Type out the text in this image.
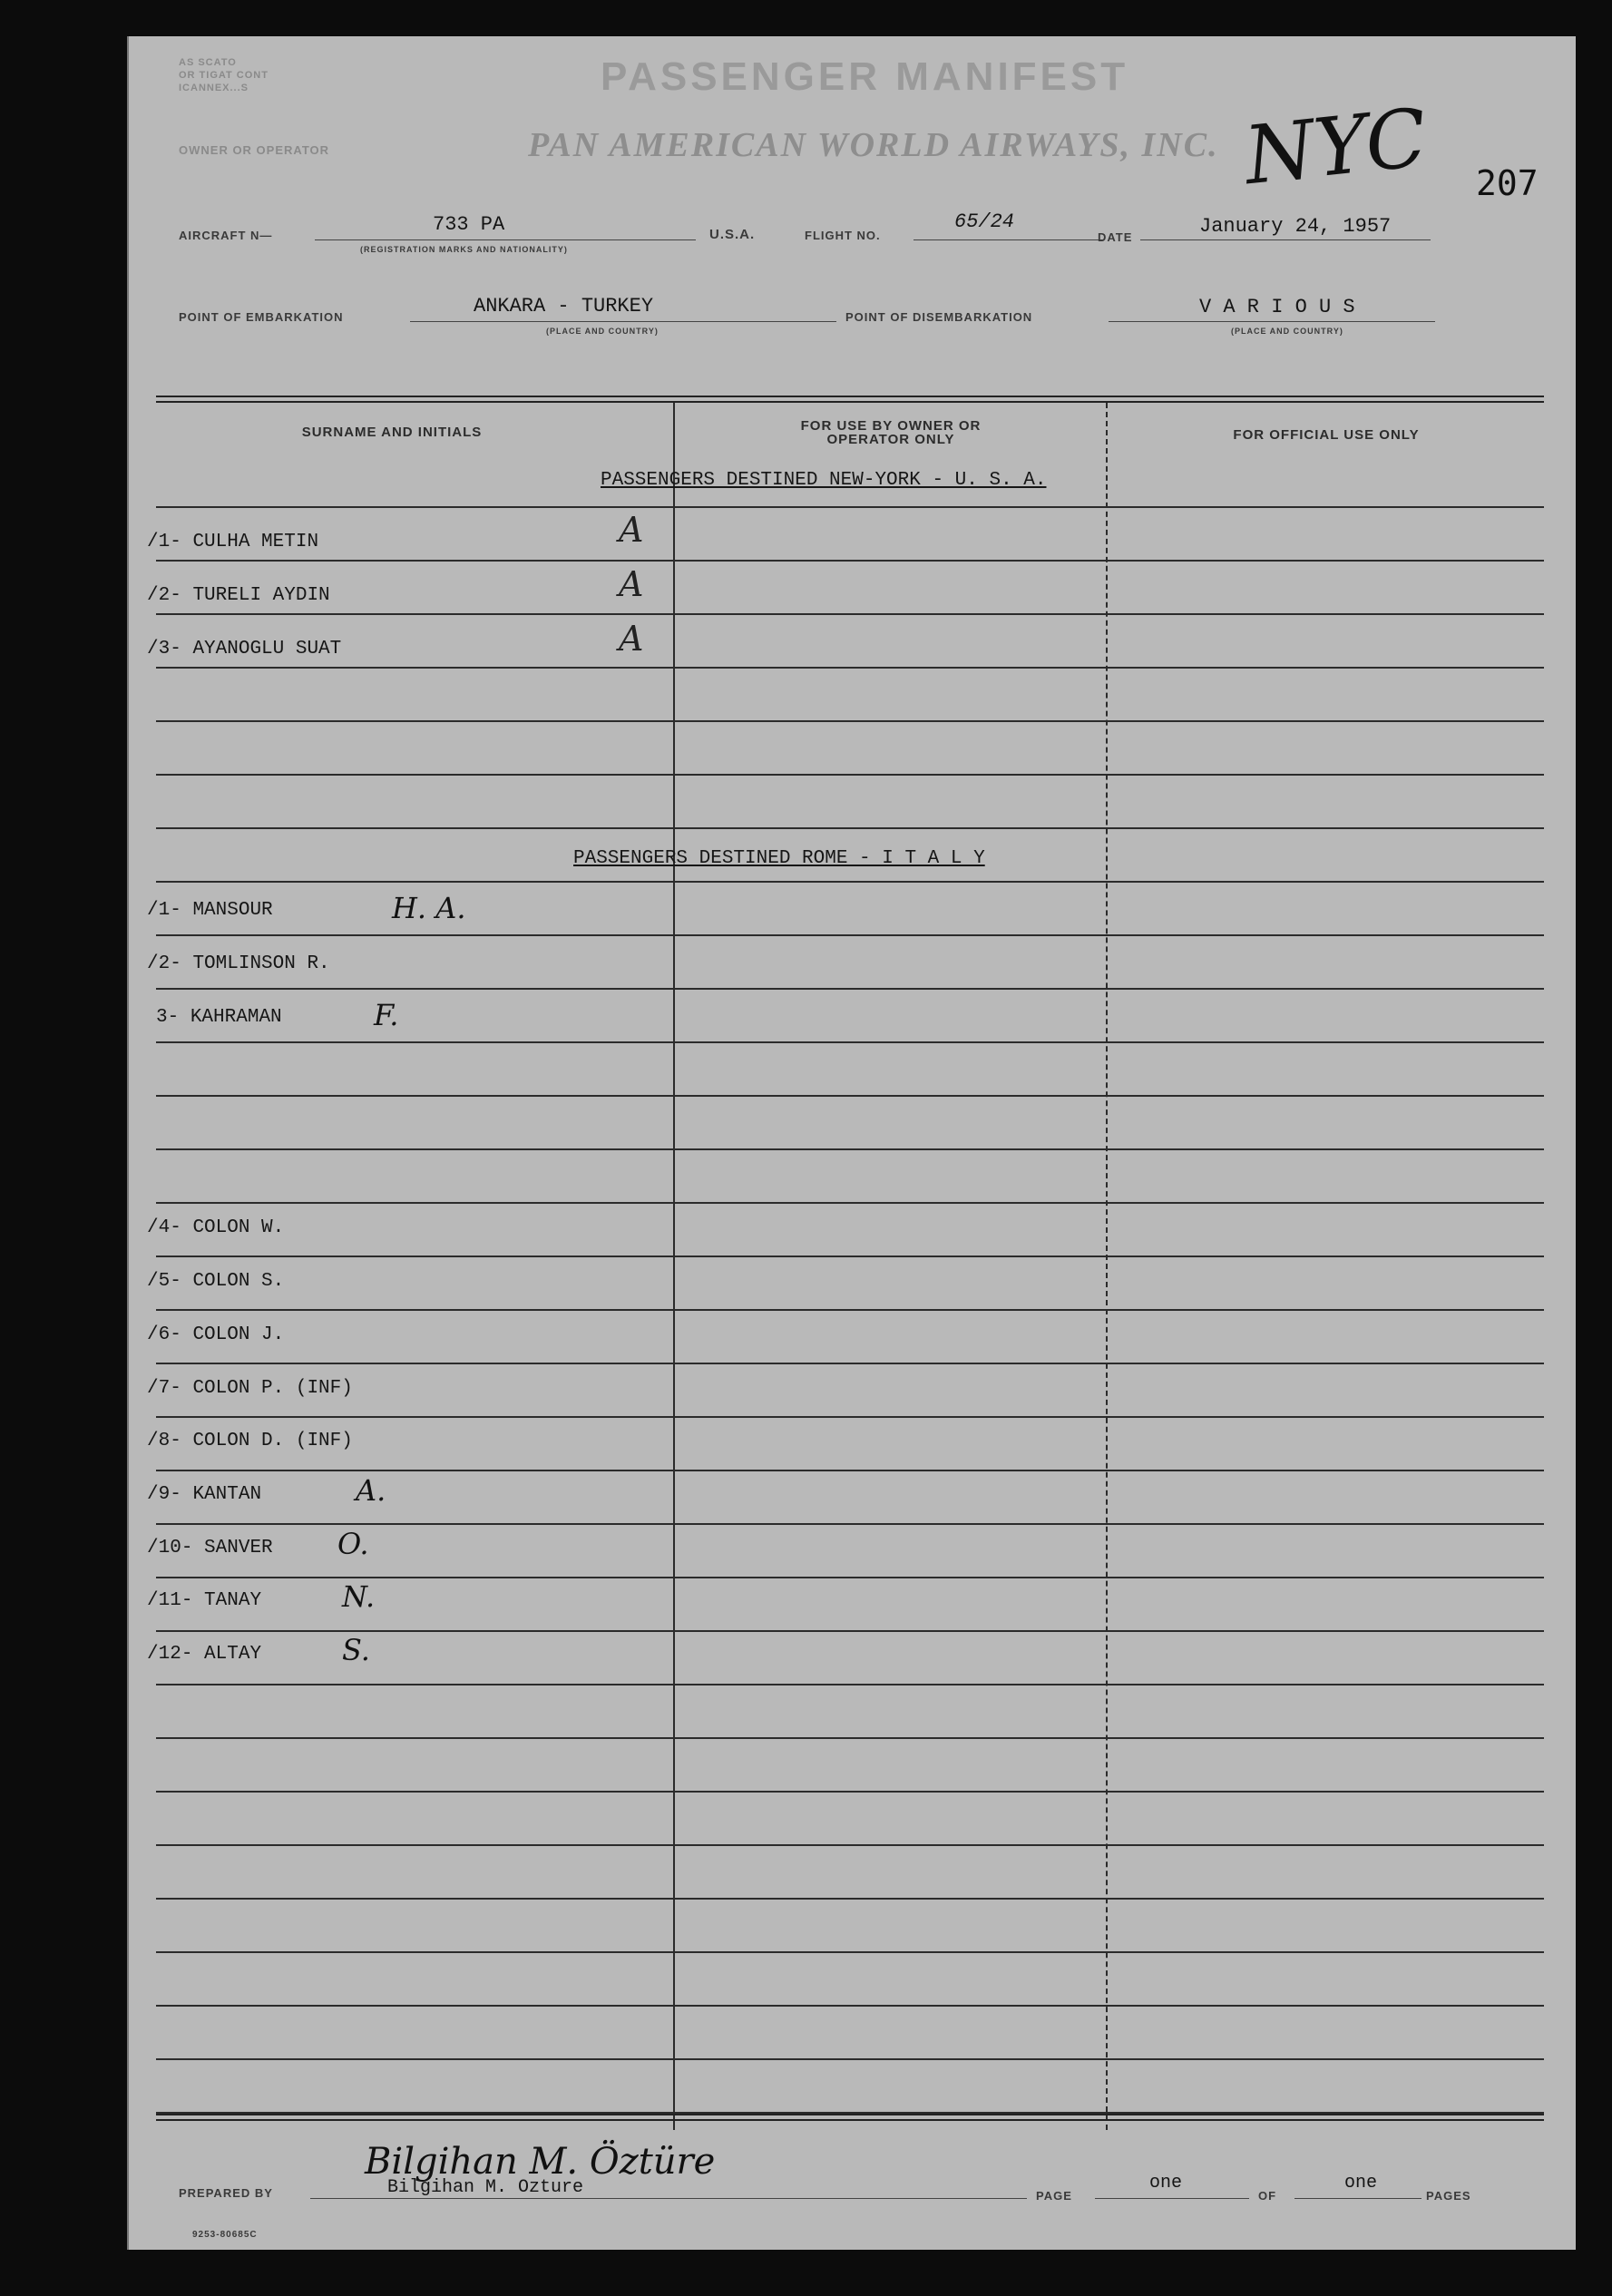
AS SCATO
OR TIGAT CONT
ICANNEX...S	PASSENGER MANIFEST
OWNER OR OPERATOR	PAN AMERICAN WORLD AIRWAYS, INC. NYC 207
AIRCRAFT N—	733 PA
(REGISTRATION MARKS AND NATIONALITY)
U.S.A.	FLIGHT NO.
65/24
DATE	January 24, 1957
POINT OF EMBARKATION	ANKARA - TURKEY
(PLACE AND COUNTRY)
POINT OF DISEMBARKATION	V A R I O U S
(PLACE AND COUNTRY)
SURNAME AND INITIALS	FOR USE BY OWNER OR OPERATOR ONLY	FOR OFFICIAL USE ONLY
PASSENGERS DESTINED NEW-YORK - U. S. A.
PASSENGERS DESTINED ROME - I T A L Y
/1- CULHA METIN	A
/2- TURELI AYDIN	A
/3- AYANOGLU SUAT	A
/1- MANSOUR	H. A.
/2- TOMLINSON R.
3- KAHRAMAN	F.
/4- COLON W.
/5- COLON S.
/6- COLON J.
/7- COLON P. (INF)
/8- COLON D. (INF)
/9- KANTAN	A.
/10- SANVER O.
/11- TANAY	N.
/12- ALTAY	S.
Bilgihan M. Öztüre
PREPARED BY	Bilgihan M. Ozture	PAGE
one
OF
one
PAGES
9253-80685C
